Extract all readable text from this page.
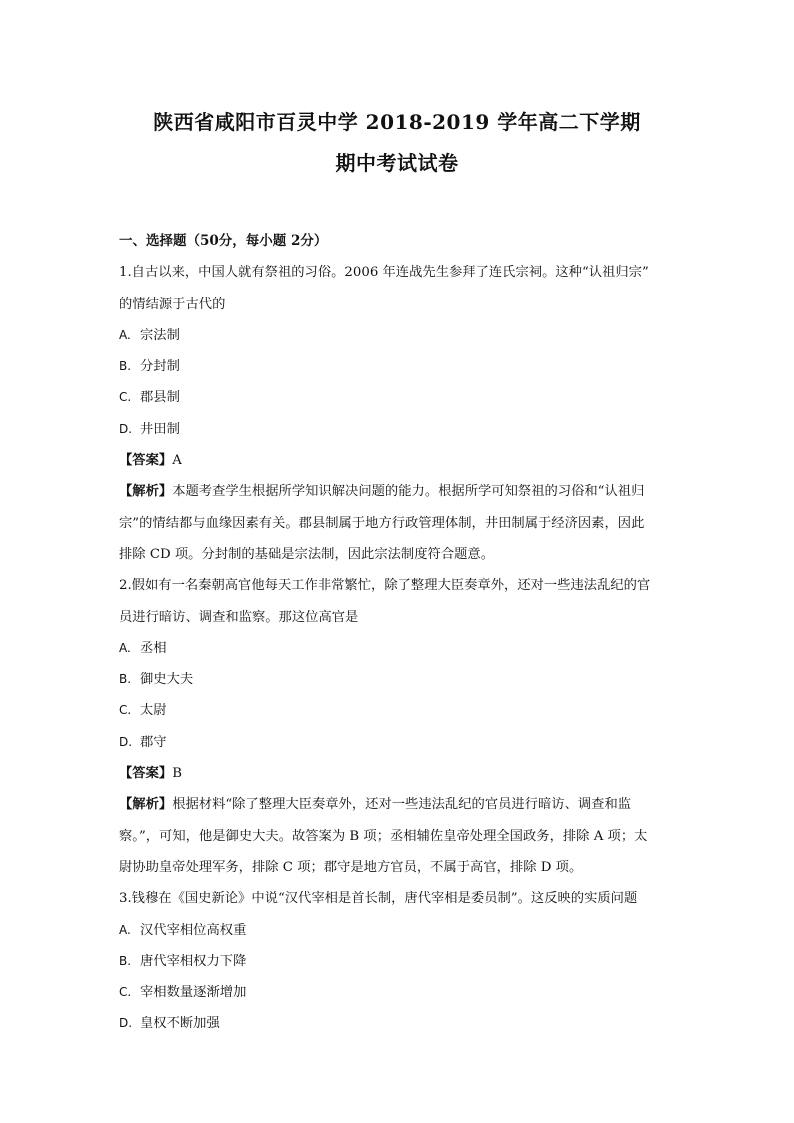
陕西省咸阳市百灵中学 2018-2019 学年高二下学期
期中考试试卷
一、选择题（50分，每小题 2分）
1.自古以来，中国人就有祭祖的习俗。2006 年连战先生参拜了连氏宗祠。这种“认祖归宗”
的情结源于古代的
A. 宗法制
B. 分封制
C. 郡县制
D. 井田制
【答案】A
【解析】本题考查学生根据所学知识解决问题的能力。根据所学可知祭祖的习俗和“认祖归
宗”的情结都与血缘因素有关。郡县制属于地方行政管理体制，井田制属于经济因素，因此
排除 CD 项。分封制的基础是宗法制，因此宗法制度符合题意。
2.假如有一名秦朝高官他每天工作非常繁忙，除了整理大臣奏章外，还对一些违法乱纪的官
员进行暗访、调查和监察。那这位高官是
A. 丞相
B. 御史大夫
C. 太尉
D. 郡守
【答案】B
【解析】根据材料“除了整理大臣奏章外，还对一些违法乱纪的官员进行暗访、调查和监
察。”，可知，他是御史大夫。故答案为 B 项；丞相辅佐皇帝处理全国政务，排除 A 项；太
尉协助皇帝处理军务，排除 C 项；郡守是地方官员，不属于高官，排除 D 项。
3.钱穆在《国史新论》中说“汉代宰相是首长制，唐代宰相是委员制”。这反映的实质问题
A. 汉代宰相位高权重
B. 唐代宰相权力下降
C. 宰相数量逐渐增加
D. 皇权不断加强
